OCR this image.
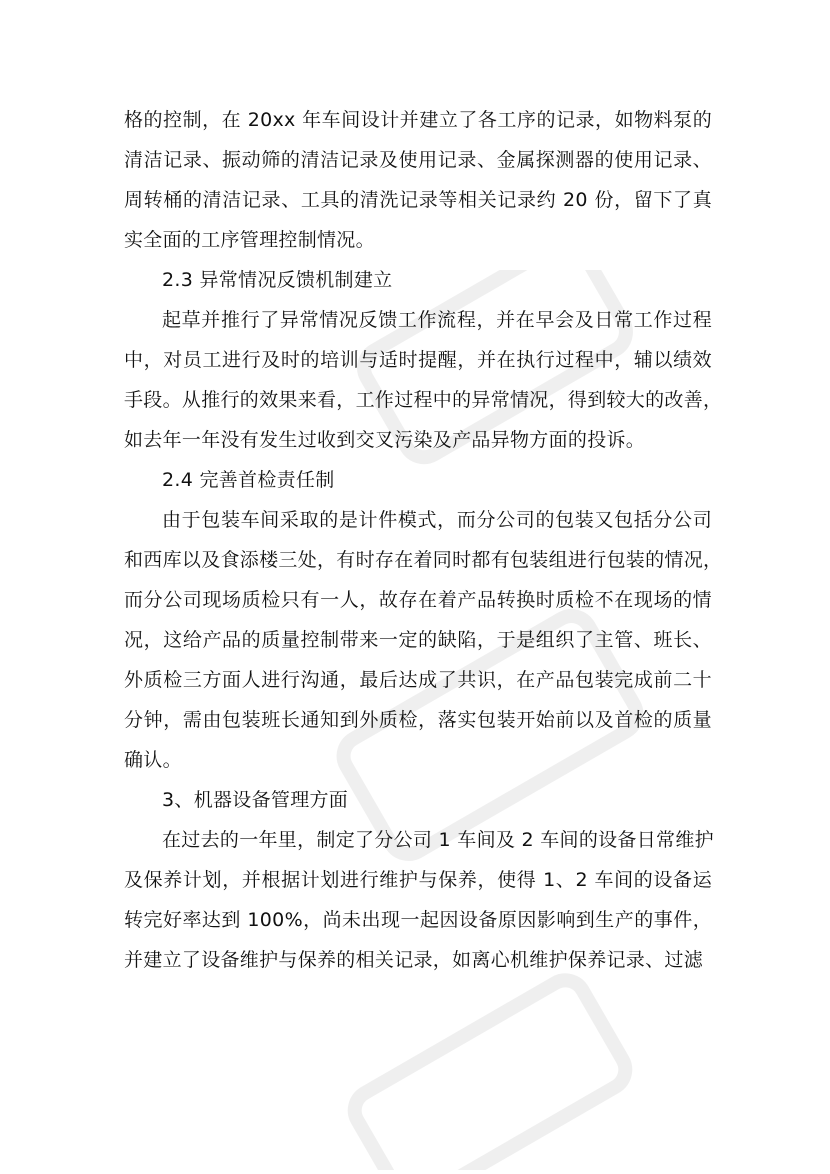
格的控制，在 20xx 年车间设计并建立了各工序的记录，如物料泵的
清洁记录、振动筛的清洁记录及使用记录、金属探测器的使用记录、
周转桶的清洁记录、工具的清洗记录等相关记录约 20 份，留下了真
实全面的工序管理控制情况。
2.3 异常情况反馈机制建立
起草并推行了异常情况反馈工作流程，并在早会及日常工作过程
中，对员工进行及时的培训与适时提醒，并在执行过程中，辅以绩效
手段。从推行的效果来看，工作过程中的异常情况，得到较大的改善，
如去年一年没有发生过收到交叉污染及产品异物方面的投诉。
2.4 完善首检责任制
由于包装车间采取的是计件模式，而分公司的包装又包括分公司
和西库以及食添楼三处，有时存在着同时都有包装组进行包装的情况，
而分公司现场质检只有一人，故存在着产品转换时质检不在现场的情
况，这给产品的质量控制带来一定的缺陷，于是组织了主管、班长、
外质检三方面人进行沟通，最后达成了共识，在产品包装完成前二十
分钟，需由包装班长通知到外质检，落实包装开始前以及首检的质量
确认。
3、机器设备管理方面
在过去的一年里，制定了分公司 1 车间及 2 车间的设备日常维护
及保养计划，并根据计划进行维护与保养，使得 1、2 车间的设备运
转完好率达到 100%，尚未出现一起因设备原因影响到生产的事件，
并建立了设备维护与保养的相关记录，如离心机维护保养记录、过滤
